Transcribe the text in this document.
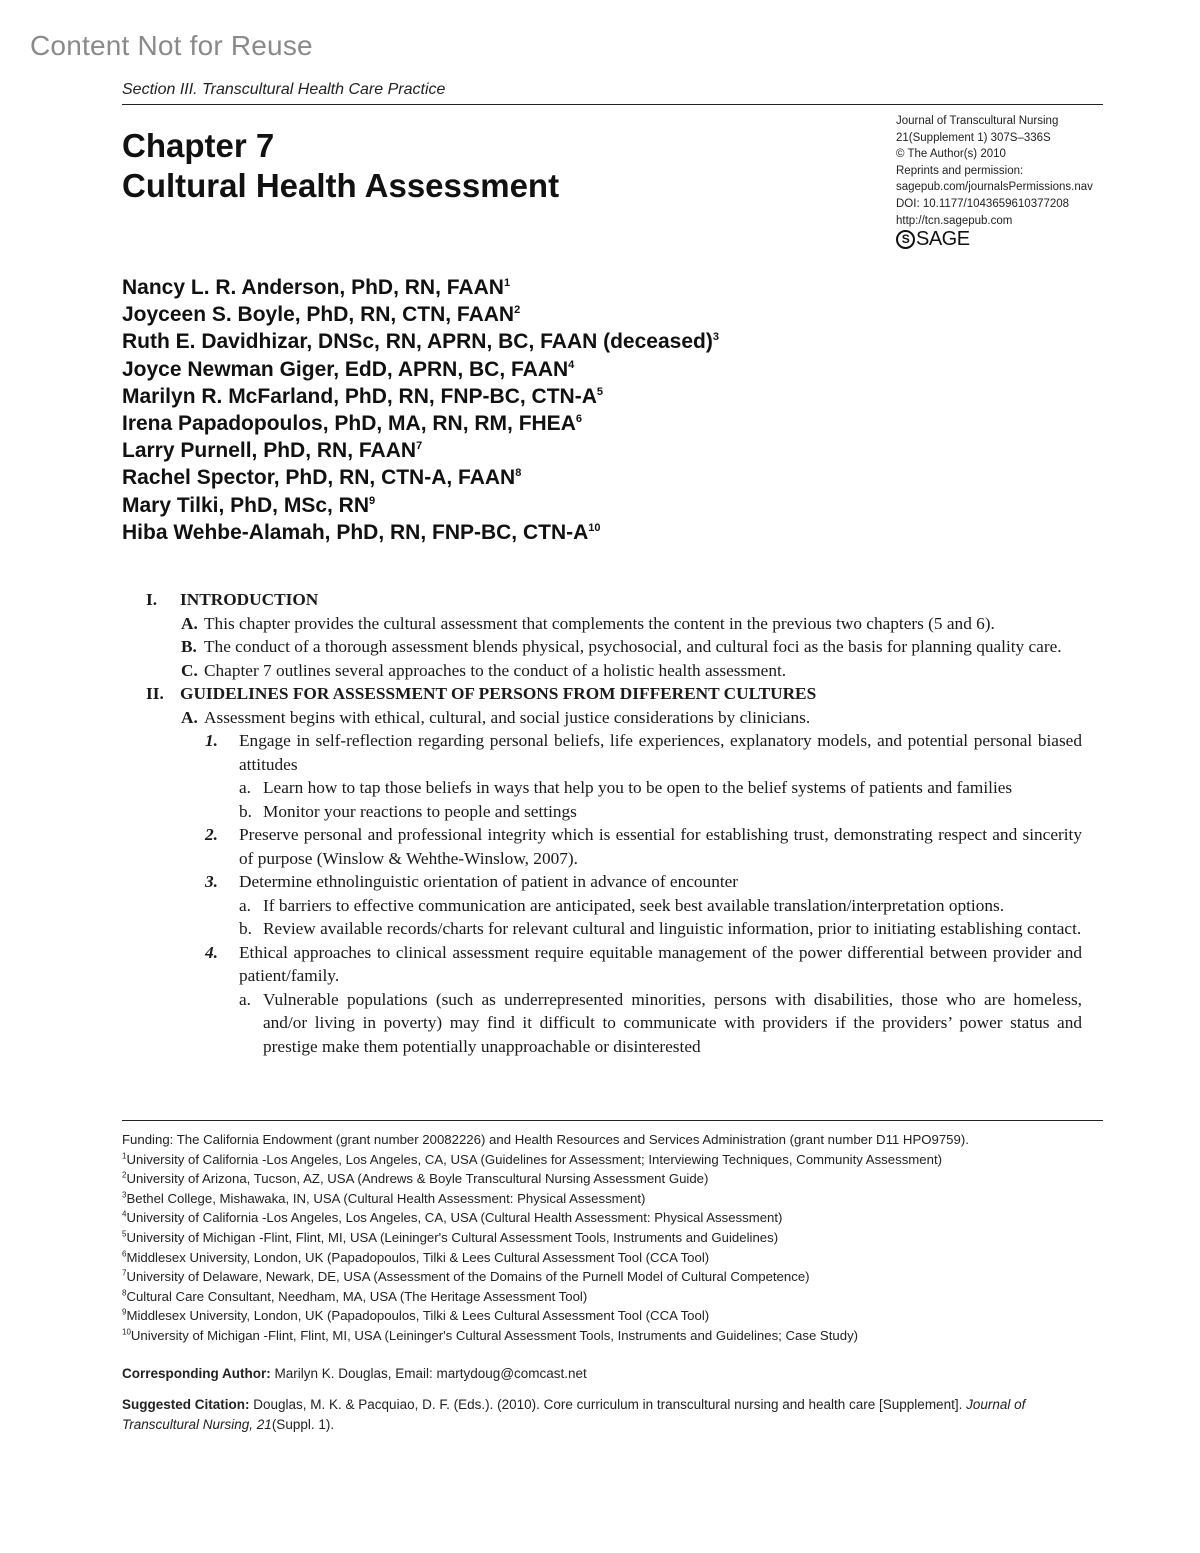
Content Not for Reuse
Section III. Transcultural Health Care Practice
Chapter 7
Cultural Health Assessment
Journal of Transcultural Nursing
21(Supplement 1) 307S–336S
© The Author(s) 2010
Reprints and permission:
sagepub.com/journalsPermissions.nav
DOI: 10.1177/1043659610377208
http://tcn.sagepub.com
S SAGE
Nancy L. R. Anderson, PhD, RN, FAAN$^1$
Joyceen S. Boyle, PhD, RN, CTN, FAAN$^2$
Ruth E. Davidhizar, DNSc, RN, APRN, BC, FAAN (deceased)$^3$
Joyce Newman Giger, EdD, APRN, BC, FAAN$^4$
Marilyn R. McFarland, PhD, RN, FNP-BC, CTN-$A^5$
Irena Papadopoulos, PhD, MA, RN, RM, FHEA$^6$
Larry Purnell, PhD, RN, FAAN$^7$
Rachel Spector, PhD, RN, CTN-A, FAAN$^8$
Mary Tilki, PhD, MSc, $RN^9$
Hiba Wehbe-Alamah, PhD, RN, FNP-BC, CTN-$A^{10}$
I. INTRODUCTION
A. This chapter provides the cultural assessment that complements the content in the previous two chapters (5 and 6).
B. The conduct of a thorough assessment blends physical, psychosocial, and cultural foci as the basis for planning quality care.
C. Chapter 7 outlines several approaches to the conduct of a holistic health assessment.
II. GUIDELINES FOR ASSESSMENT OF PERSONS FROM DIFFERENT CULTURES
A. Assessment begins with ethical, cultural, and social justice considerations by clinicians.
1. Engage in self-reflection regarding personal beliefs, life experiences, explanatory models, and potential personal biased attitudes
a. Learn how to tap those beliefs in ways that help you to be open to the belief systems of patients and families
b. Monitor your reactions to people and settings
2. Preserve personal and professional integrity which is essential for establishing trust, demonstrating respect and sincerity of purpose (Winslow & Wehthe-Winslow, 2007).
3. Determine ethnolinguistic orientation of patient in advance of encounter
a. If barriers to effective communication are anticipated, seek best available translation/interpretation options.
b. Review available records/charts for relevant cultural and linguistic information, prior to initiating establishing contact.
4. Ethical approaches to clinical assessment require equitable management of the power differential between provider and patient/family.
a. Vulnerable populations (such as underrepresented minorities, persons with disabilities, those who are homeless, and/or living in poverty) may find it difficult to communicate with providers if the providers’ power status and prestige make them potentially unapproachable or disinterested
Funding: The California Endowment (grant number 20082226) and Health Resources and Services Administration (grant number D11 HPO9759).
$^1$University of California -Los Angeles, Los Angeles, CA, USA (Guidelines for Assessment; Interviewing Techniques, Community Assessment)
$^2$University of Arizona, Tucson, AZ, USA (Andrews & Boyle Transcultural Nursing Assessment Guide)
$^3$Bethel College, Mishawaka, IN, USA (Cultural Health Assessment: Physical Assessment)
$^4$University of California -Los Angeles, Los Angeles, CA, USA (Cultural Health Assessment: Physical Assessment)
$^5$University of Michigan -Flint, Flint, MI, USA (Leininger's Cultural Assessment Tools, Instruments and Guidelines)
$^6$Middlesex University, London, UK (Papadopoulos, Tilki & Lees Cultural Assessment Tool (CCA Tool)
$^7$University of Delaware, Newark, DE, USA (Assessment of the Domains of the Purnell Model of Cultural Competence)
$^8$Cultural Care Consultant, Needham, MA, USA (The Heritage Assessment Tool)
$^9$Middlesex University, London, UK (Papadopoulos, Tilki & Lees Cultural Assessment Tool (CCA Tool)
$^{10}$University of Michigan -Flint, Flint, MI, USA (Leininger's Cultural Assessment Tools, Instruments and Guidelines; Case Study)
Corresponding Author: Marilyn K. Douglas, Email: martydoug@comcast.net
Suggested Citation: Douglas, M. K. & Pacquiao, D. F. (Eds.). (2010). Core curriculum in transcultural nursing and health care [Supplement]. Journal of Transcultural Nursing, 21(Suppl. 1).
